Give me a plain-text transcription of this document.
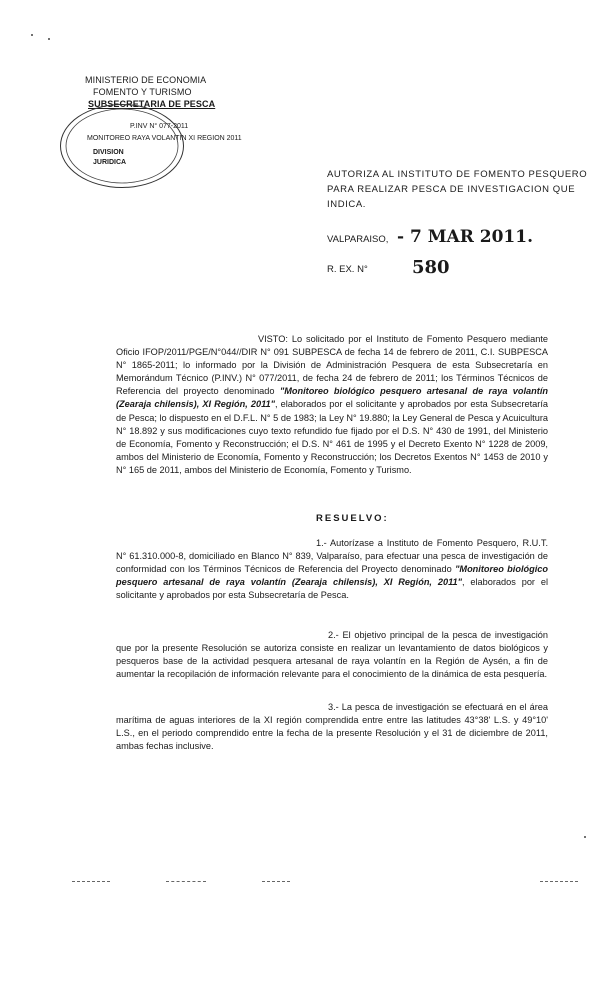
MINISTERIO DE ECONOMIA
FOMENTO Y TURISMO
SUBSECRETARIA DE PESCA
P.INV N° 077-2011
MONITOREO RAYA VOLANTIN XI REGION 2011
DIVISION
JURIDICA
AUTORIZA AL INSTITUTO DE FOMENTO PESQUERO
PARA REALIZAR PESCA DE INVESTIGACION QUE
INDICA.
VALPARAISO, - 7 MAR 2011.
R. EX. N° 580
VISTO: Lo solicitado por el Instituto de Fomento Pesquero mediante Oficio IFOP/2011/PGE/N°044//DIR N° 091 SUBPESCA de fecha 14 de febrero de 2011, C.I. SUBPESCA N° 1865-2011; lo informado por la División de Administración Pesquera de esta Subsecretaría en Memorándum Técnico (P.INV.) N° 077/2011, de fecha 24 de febrero de 2011; los Términos Técnicos de Referencia del proyecto denominado "Monitoreo biológico pesquero artesanal de raya volantín (Zearaja chilensis), XI Región, 2011", elaborados por el solicitante y aprobados por esta Subsecretaría de Pesca; lo dispuesto en el D.F.L. N° 5 de 1983; la Ley N° 19.880; la Ley General de Pesca y Acuicultura N° 18.892 y sus modificaciones cuyo texto refundido fue fijado por el D.S. N° 430 de 1991, del Ministerio de Economía, Fomento y Reconstrucción; el D.S. N° 461 de 1995 y el Decreto Exento N° 1228 de 2009, ambos del Ministerio de Economía, Fomento y Reconstrucción; los Decretos Exentos N° 1453 de 2010 y N° 165 de 2011, ambos del Ministerio de Economía, Fomento y Turismo.
RESUELVO:
1.- Autorízase a Instituto de Fomento Pesquero, R.U.T. N° 61.310.000-8, domiciliado en Blanco N° 839, Valparaíso, para efectuar una pesca de investigación de conformidad con los Términos Técnicos de Referencia del Proyecto denominado "Monitoreo biológico pesquero artesanal de raya volantín (Zearaja chilensis), XI Región, 2011", elaborados por el solicitante y aprobados por esta Subsecretaría de Pesca.
2.- El objetivo principal de la pesca de investigación que por la presente Resolución se autoriza consiste en realizar un levantamiento de datos biológicos y pesqueros base de la actividad pesquera artesanal de raya volantín en la Región de Aysén, a fin de aumentar la recopilación de información relevante para el conocimiento de la dinámica de esta pesquería.
3.- La pesca de investigación se efectuará en el área marítima de aguas interiores de la XI región comprendida entre entre las latitudes 43°38' L.S. y 49°10' L.S., en el periodo comprendido entre la fecha de la presente Resolución y el 31 de diciembre de 2011, ambas fechas inclusive.
